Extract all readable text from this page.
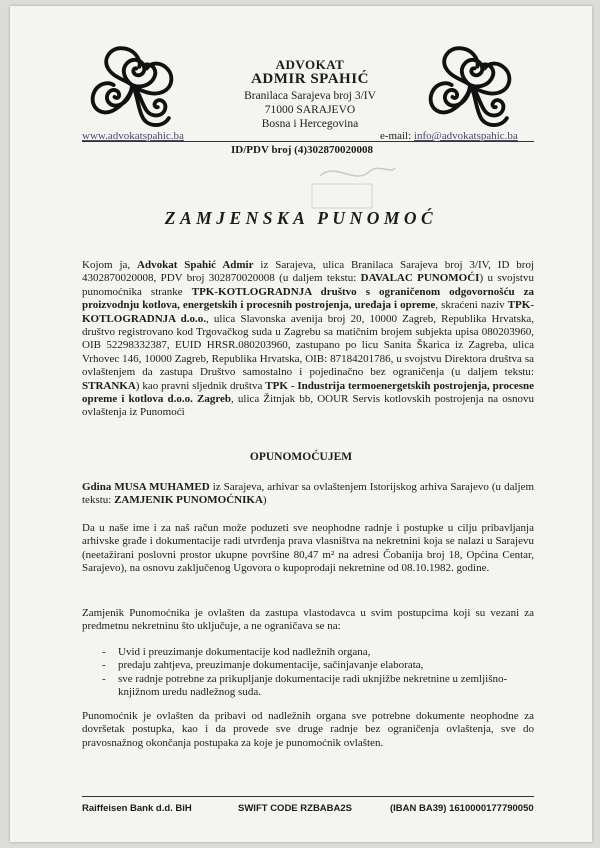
ADVOKAT
ADMIR SPAHIĆ
Branilaca Sarajeva broj 3/IV
71000 SARAJEVO
Bosna i Hercegovina
www.advokatspahic.ba	e-mail: info@advokatspahic.ba
ID/PDV broj (4)302870020008
ZAMJENSKA PUNOMOĆ

Kojom ja, Advokat Spahić Admir iz Sarajeva, ulica Branilaca Sarajeva broj 3/IV, ID broj 4302870020008, PDV broj 302870020008 (u daljem tekstu: DAVALAC PUNOMOĆI) u svojstvu punomoćnika stranke TPK-KOTLOGRADNJA društvo s ograničenom odgovornošću za proizvodnju kotlova, energetskih i procesnih postrojenja, uređaja i opreme, skraćeni naziv TPK-KOTLOGRADNJA d.o.o., ulica Slavonska avenija broj 20, 10000 Zagreb, Republika Hrvatska, društvo registrovano kod Trgovačkog suda u Zagrebu sa matičnim brojem subjekta upisa 080203960, OIB 52298332387, EUID HRSR.080203960, zastupano po licu Sanita Škarica iz Zagreba, ulica Vrhovec 146, 10000 Zagreb, Republika Hrvatska, OIB: 87184201786, u svojstvu Direktora društva sa ovlaštenjem da zastupa Društvo samostalno i pojedinačno bez ograničenja (u daljem tekstu: STRANKA) kao pravni sljednik društva TPK - Industrija termoenergetskih postrojenja, procesne opreme i kotlova d.o.o. Zagreb, ulica Žitnjak bb, OOUR Servis kotlovskih postrojenja na osnovu ovlaštenja iz Punomoći

OPUNOMOĆUJEM

Gdina MUSA MUHAMED iz Sarajeva, arhivar sa ovlaštenjem Istorijskog arhiva Sarajevo (u daljem tekstu: ZAMJENIK PUNOMOĆNIKA)

Da u naše ime i za naš račun može poduzeti sve neophodne radnje i postupke u cilju pribavljanja arhivske građe i dokumentacije radi utvrđenja prava vlasništva na nekretnini koja se nalazi u Sarajevu (neetažirani poslovni prostor ukupne površine 80,47 m² na adresi Čobanija broj 18, Općina Centar, Sarajevo), na osnovu zaključenog Ugovora o kupoprodaji nekretnine od 08.10.1982. godine.

Zamjenik Punomoćnika je ovlašten da zastupa vlastodavca u svim postupcima koji su vezani za predmetnu nekretninu što uključuje, a ne ograničava se na:

- Uvid i preuzimanje dokumentacije kod nadležnih organa,
- predaju zahtjeva, preuzimanje dokumentacije, sačinjavanje elaborata,
- sve radnje potrebne za prikupljanje dokumentacije radi uknjižbe nekretnine u zemljišno-knjižnom uredu nadležnog suda.

Punomoćnik je ovlašten da pribavi od nadležnih organa sve potrebne dokumente neophodne za dovršetak postupka, kao i da provede sve druge radnje bez ograničenja ovlaštenja, sve do pravosnažnog okončanja postupaka za koje je punomoćnik ovlašten.

Raiffeisen Bank d.d. BiH	SWIFT CODE RZBABA2S	(IBAN BA39) 1610000177790050
